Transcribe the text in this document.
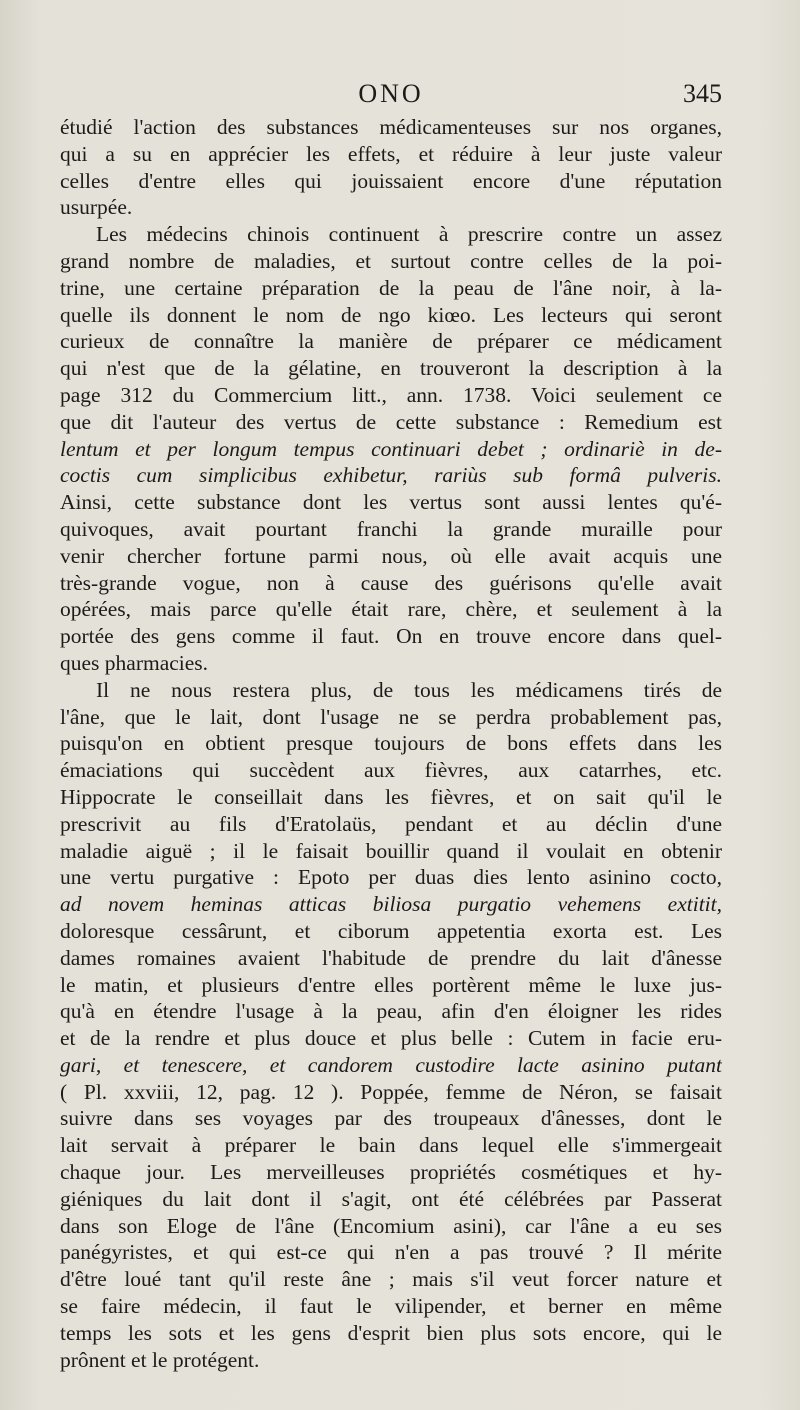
ONO	345
étudié l'action des substances médicamenteuses sur nos organes,
qui a su en apprécier les effets, et réduire à leur juste valeur
celles d'entre elles qui jouissaient encore d'une réputation
usurpée.
Les médecins chinois continuent à prescrire contre un assez
grand nombre de maladies, et surtout contre celles de la poi-
trine, une certaine préparation de la peau de l'âne noir, à la-
quelle ils donnent le nom de ngo kiœo. Les lecteurs qui seront
curieux de connaître la manière de préparer ce médicament
qui n'est que de la gélatine, en trouveront la description à la
page 312 du Commercium litt., ann. 1738. Voici seulement ce
que dit l'auteur des vertus de cette substance : Remedium est
lentum et per longum tempus continuari debet ; ordinariè in de-
coctis cum simplicibus exhibetur, rariùs sub formâ pulveris.
Ainsi, cette substance dont les vertus sont aussi lentes qu'é-
quivoques, avait pourtant franchi la grande muraille pour
venir chercher fortune parmi nous, où elle avait acquis une
très-grande vogue, non à cause des guérisons qu'elle avait
opérées, mais parce qu'elle était rare, chère, et seulement à la
portée des gens comme il faut. On en trouve encore dans quel-
ques pharmacies.
Il ne nous restera plus, de tous les médicamens tirés de
l'âne, que le lait, dont l'usage ne se perdra probablement pas,
puisqu'on en obtient presque toujours de bons effets dans les
émaciations qui succèdent aux fièvres, aux catarrhes, etc.
Hippocrate le conseillait dans les fièvres, et on sait qu'il le
prescrivit au fils d'Eratolaüs, pendant et au déclin d'une
maladie aiguë ; il le faisait bouillir quand il voulait en obtenir
une vertu purgative : Epoto per duas dies lento asinino cocto,
ad novem heminas atticas biliosa purgatio vehemens extitit,
doloresque cessârunt, et ciborum appetentia exorta est. Les
dames romaines avaient l'habitude de prendre du lait d'ânesse
le matin, et plusieurs d'entre elles portèrent même le luxe jus-
qu'à en étendre l'usage à la peau, afin d'en éloigner les rides
et de la rendre et plus douce et plus belle : Cutem in facie eru-
gari, et tenescere, et candorem custodire lacte asinino putant
( Pl. xxviii, 12, pag. 12 ). Poppée, femme de Néron, se faisait
suivre dans ses voyages par des troupeaux d'ânesses, dont le
lait servait à préparer le bain dans lequel elle s'immergeait
chaque jour. Les merveilleuses propriétés cosmétiques et hy-
giéniques du lait dont il s'agit, ont été célébrées par Passerat
dans son Eloge de l'âne (Encomium asini), car l'âne a eu ses
panégyristes, et qui est-ce qui n'en a pas trouvé ? Il mérite
d'être loué tant qu'il reste âne ; mais s'il veut forcer nature et
se faire médecin, il faut le vilipender, et berner en même
temps les sots et les gens d'esprit bien plus sots encore, qui le
prônent et le protégent.
